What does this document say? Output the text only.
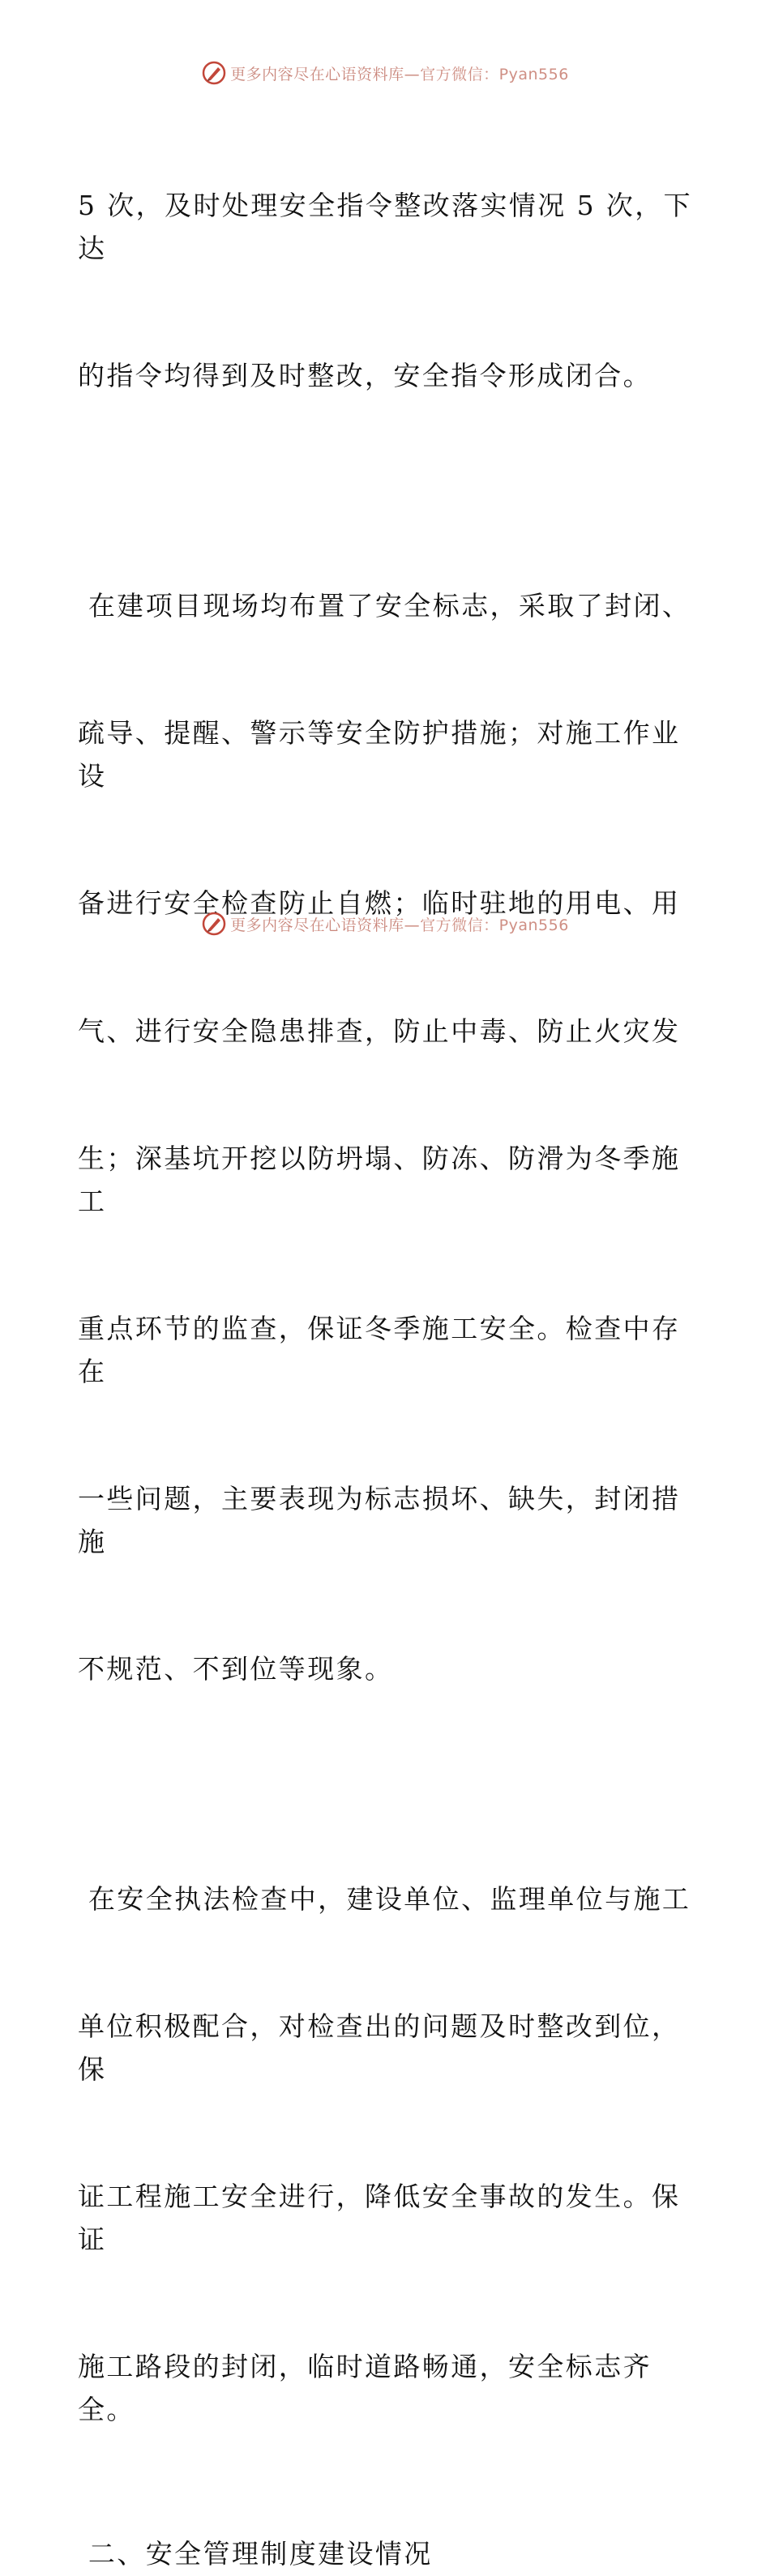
更多内容尽在心语资料库—官方微信：Pyan556

5 次，及时处理安全指令整改落实情况 5 次，下达

的指令均得到及时整改，安全指令形成闭合。

在建项目现场均布置了安全标志，采取了封闭、

疏导、提醒、警示等安全防护措施；对施工作业设

备进行安全检查防止自燃；临时驻地的用电、用

气、进行安全隐患排查，防止中毒、防止火灾发

生；深基坑开挖以防坍塌、防冻、防滑为冬季施工

重点环节的监查，保证冬季施工安全。检查中存在

一些问题，主要表现为标志损坏、缺失，封闭措施

不规范、不到位等现象。

在安全执法检查中，建设单位、监理单位与施工

单位积极配合，对检查出的问题及时整改到位，保

证工程施工安全进行，降低安全事故的发生。保证

施工路段的封闭，临时道路畅通，安全标志齐全。

二、安全管理制度建设情况
更多内容尽在心语资料库—官方微信：Pyan556
